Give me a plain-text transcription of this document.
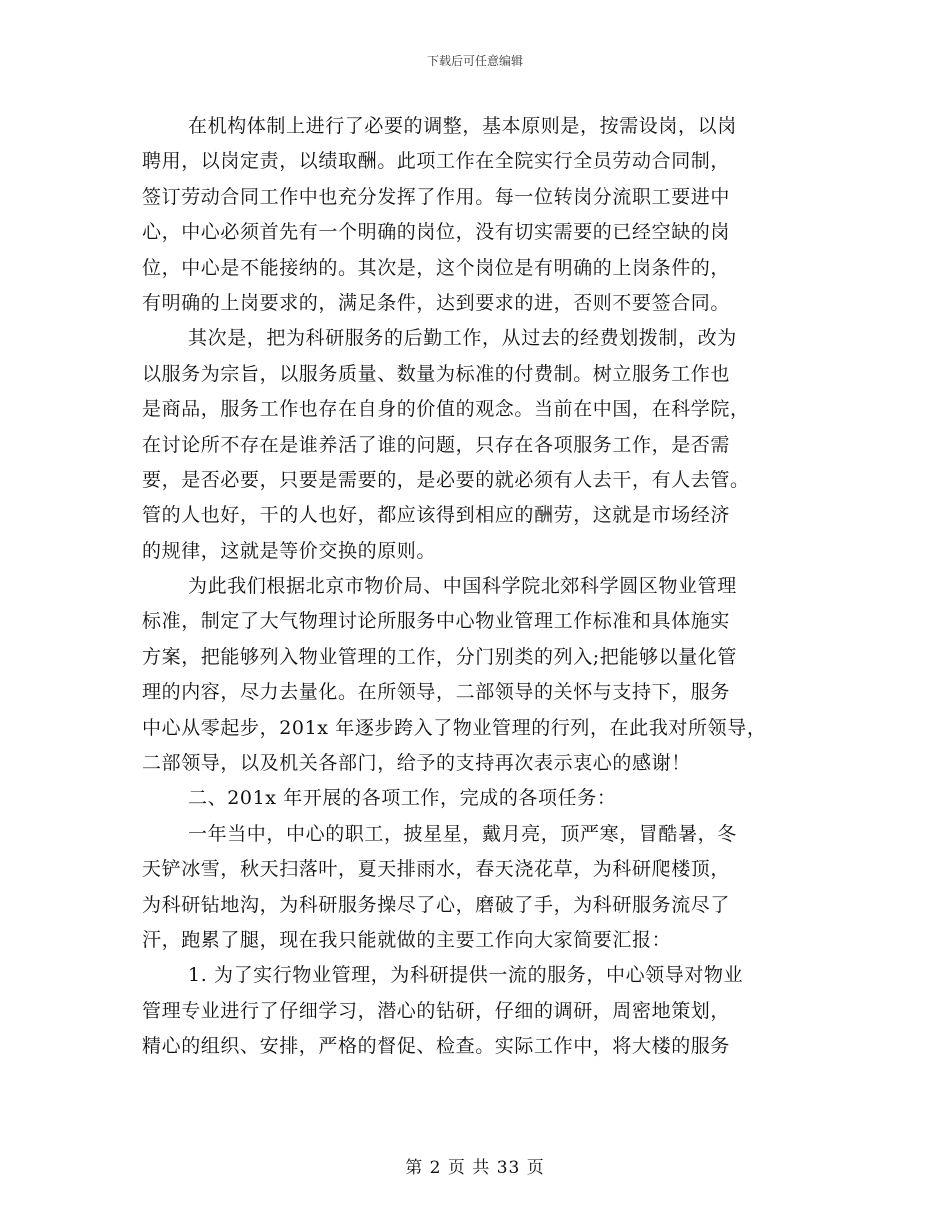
下载后可任意编辑
在机构体制上进行了必要的调整，基本原则是，按需设岗，以岗
聘用，以岗定责，以绩取酬。此项工作在全院实行全员劳动合同制，
签订劳动合同工作中也充分发挥了作用。每一位转岗分流职工要进中
心，中心必须首先有一个明确的岗位，没有切实需要的已经空缺的岗
位，中心是不能接纳的。其次是，这个岗位是有明确的上岗条件的，
有明确的上岗要求的，满足条件，达到要求的进，否则不要签合同。
其次是，把为科研服务的后勤工作，从过去的经费划拨制，改为
以服务为宗旨，以服务质量、数量为标准的付费制。树立服务工作也
是商品，服务工作也存在自身的价值的观念。当前在中国，在科学院，
在讨论所不存在是谁养活了谁的问题，只存在各项服务工作，是否需
要，是否必要，只要是需要的，是必要的就必须有人去干，有人去管。
管的人也好，干的人也好，都应该得到相应的酬劳，这就是市场经济
的规律，这就是等价交换的原则。
为此我们根据北京市物价局、中国科学院北郊科学圆区物业管理
标准，制定了大气物理讨论所服务中心物业管理工作标准和具体施实
方案，把能够列入物业管理的工作，分门别类的列入;把能够以量化管
理的内容，尽力去量化。在所领导，二部领导的关怀与支持下，服务
中心从零起步，201x 年逐步跨入了物业管理的行列，在此我对所领导，
二部领导，以及机关各部门，给予的支持再次表示衷心的感谢！
二、201x 年开展的各项工作，完成的各项任务：
一年当中，中心的职工，披星星，戴月亮，顶严寒，冒酷暑，冬
天铲冰雪，秋天扫落叶，夏天排雨水，春天浇花草，为科研爬楼顶，
为科研钻地沟，为科研服务操尽了心，磨破了手，为科研服务流尽了
汗，跑累了腿，现在我只能就做的主要工作向大家简要汇报：
1. 为了实行物业管理，为科研提供一流的服务，中心领导对物业
管理专业进行了仔细学习，潜心的钻研，仔细的调研，周密地策划，
精心的组织、安排，严格的督促、检查。实际工作中，将大楼的服务
第 2 页 共 33 页
